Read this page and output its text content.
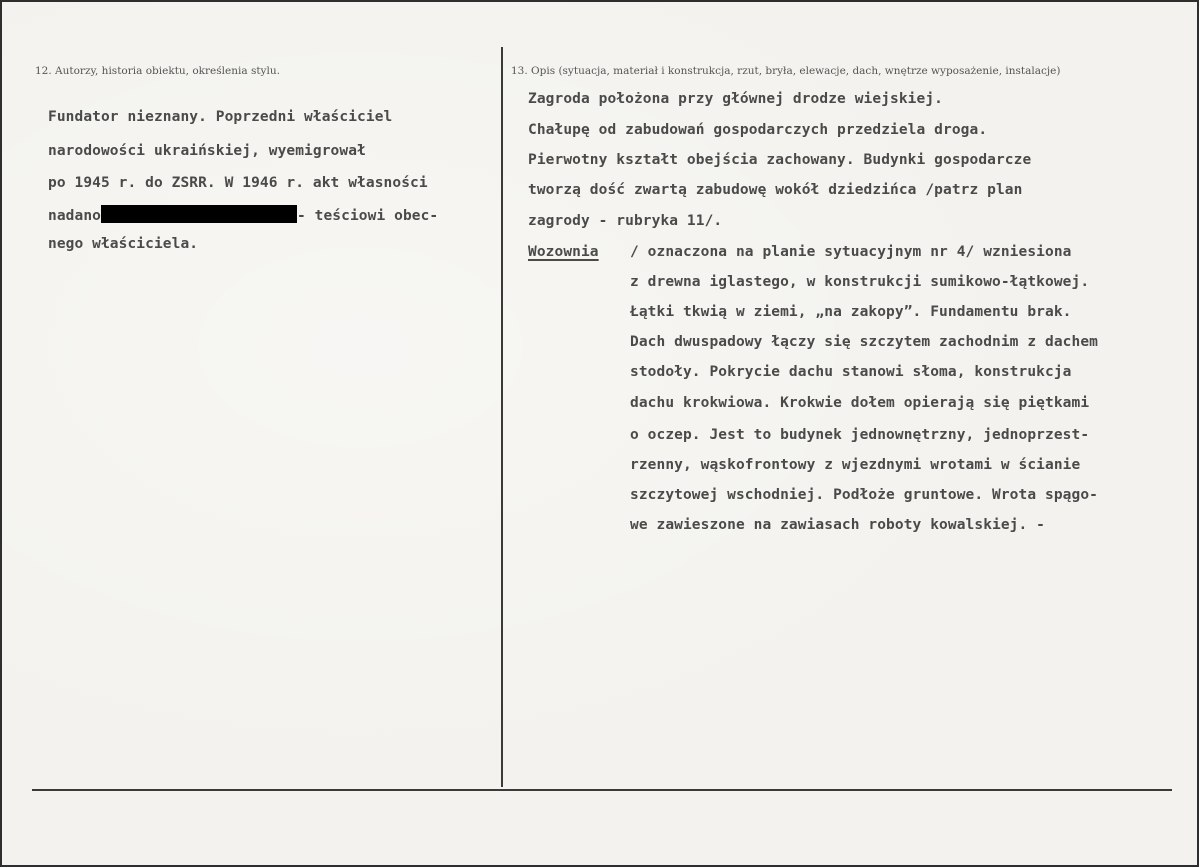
12. Autorzy, historia obiektu, określenia stylu.	13. Opis (sytuacja, materiał i konstrukcja, rzut, bryła, elewacje, dach, wnętrze wyposażenie, instalacje)

Fundator nieznany. Poprzedni właściciel

narodowości ukraińskiej, wyemigrował

po 1945 r. do ZSRR. W 1946 r. akt własności

nadano	- teściowi obec-

nego właściciela.

Zagroda położona przy głównej drodze wiejskiej.

Chałupę od zabudowań gospodarczych przedziela droga.

Pierwotny kształt obejścia zachowany. Budynki gospodarcze

tworzą dość zwartą zabudowę wokół dziedzińca /patrz plan

zagrody - rubryka 11/.

Wozownia

/ oznaczona na planie sytuacyjnym nr 4/ wzniesiona

z drewna iglastego, w konstrukcji sumikowo-łątkowej.

Łątki tkwią w ziemi, „na zakopy”. Fundamentu brak.

Dach dwuspadowy łączy się szczytem zachodnim z dachem

stodoły. Pokrycie dachu stanowi słoma, konstrukcja

dachu krokwiowa. Krokwie dołem opierają się piętkami

o oczep. Jest to budynek jednownętrzny, jednoprzest-

rzenny, wąskofrontowy z wjezdnymi wrotami w ścianie

szczytowej wschodniej. Podłoże gruntowe. Wrota spągo-

we zawieszone na zawiasach roboty kowalskiej. -
